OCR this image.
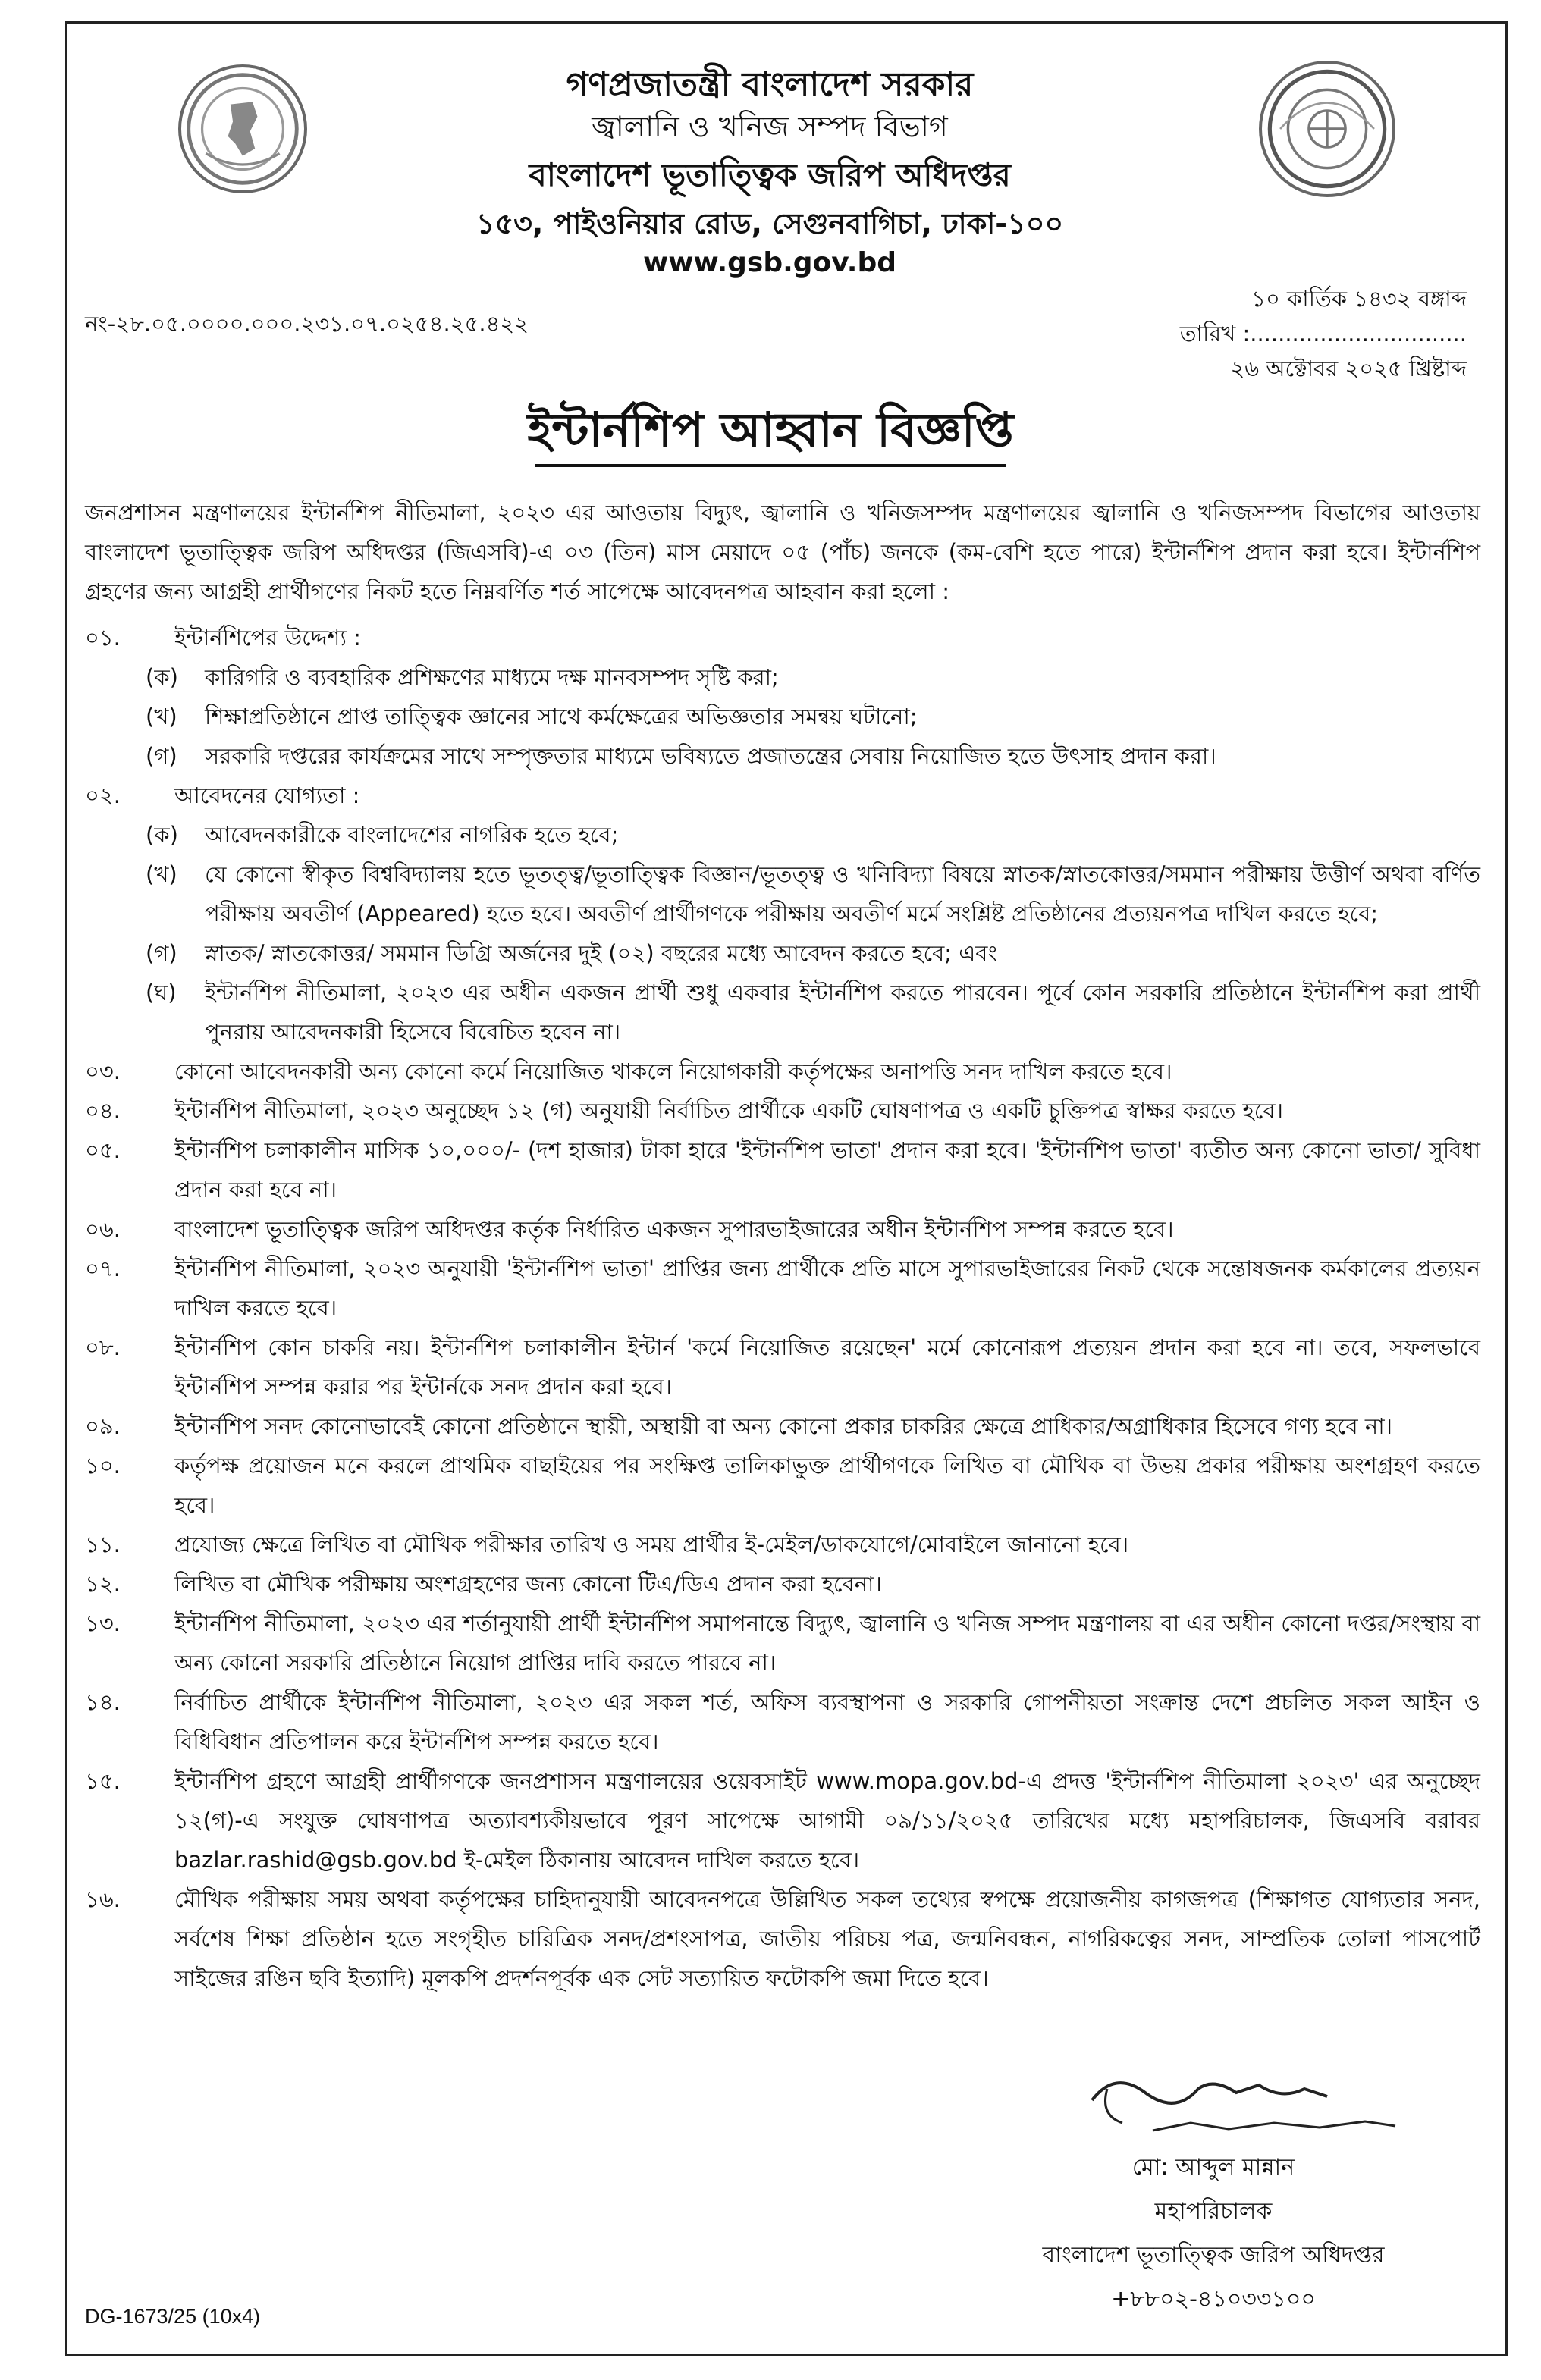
গণপ্রজাতন্ত্রী বাংলাদেশ সরকার
জ্বালানি ও খনিজ সম্পদ বিভাগ
বাংলাদেশ ভূতাত্ত্বিক জরিপ অধিদপ্তর
১৫৩, পাইওনিয়ার রোড, সেগুনবাগিচা, ঢাকা-১০০
www.gsb.gov.bd
নং-২৮.০৫.০০০০.০০০.২৩১.০৭.০২৫৪.২৫.৪২২
১০ কার্তিক ১৪৩২ বঙ্গাব্দ
তারিখ :...............................
২৬ অক্টোবর ২০২৫ খ্রিষ্টাব্দ
ইন্টার্নশিপ আহ্বান বিজ্ঞপ্তি
জনপ্রশাসন মন্ত্রণালয়ের ইন্টার্নশিপ নীতিমালা, ২০২৩ এর আওতায় বিদ্যুৎ, জ্বালানি ও খনিজসম্পদ মন্ত্রণালয়ের জ্বালানি ও খনিজসম্পদ বিভাগের আওতায় বাংলাদেশ ভূতাত্ত্বিক জরিপ অধিদপ্তর (জিএসবি)-এ ০৩ (তিন) মাস মেয়াদে ০৫ (পাঁচ) জনকে (কম-বেশি হতে পারে) ইন্টার্নশিপ প্রদান করা হবে। ইন্টার্নশিপ গ্রহণের জন্য আগ্রহী প্রার্থীগণের নিকট হতে নিম্নবর্ণিত শর্ত সাপেক্ষে আবেদনপত্র আহবান করা হলো :
০১.	ইন্টার্নশিপের উদ্দেশ্য :
(ক)	কারিগরি ও ব্যবহারিক প্রশিক্ষণের মাধ্যমে দক্ষ মানবসম্পদ সৃষ্টি করা;
(খ)	শিক্ষাপ্রতিষ্ঠানে প্রাপ্ত তাত্ত্বিক জ্ঞানের সাথে কর্মক্ষেত্রের অভিজ্ঞতার সমন্বয় ঘটানো;
(গ)	সরকারি দপ্তরের কার্যক্রমের সাথে সম্পৃক্ততার মাধ্যমে ভবিষ্যতে প্রজাতন্ত্রের সেবায় নিয়োজিত হতে উৎসাহ প্রদান করা।
০২.	আবেদনের যোগ্যতা :
(ক)	আবেদনকারীকে বাংলাদেশের নাগরিক হতে হবে;
(খ)	যে কোনো স্বীকৃত বিশ্ববিদ্যালয় হতে ভূতত্ত্ব/ভূতাত্ত্বিক বিজ্ঞান/ভূতত্ত্ব ও খনিবিদ্যা বিষয়ে স্নাতক/স্নাতকোত্তর/সমমান পরীক্ষায় উত্তীর্ণ অথবা বর্ণিত পরীক্ষায় অবতীর্ণ (Appeared) হতে হবে। অবতীর্ণ প্রার্থীগণকে পরীক্ষায় অবতীর্ণ মর্মে সংশ্লিষ্ট প্রতিষ্ঠানের প্রত্যয়নপত্র দাখিল করতে হবে;
(গ)	স্নাতক/ স্নাতকোত্তর/ সমমান ডিগ্রি অর্জনের দুই (০২) বছরের মধ্যে আবেদন করতে হবে; এবং
(ঘ)	ইন্টার্নশিপ নীতিমালা, ২০২৩ এর অধীন একজন প্রার্থী শুধু একবার ইন্টার্নশিপ করতে পারবেন। পূর্বে কোন সরকারি প্রতিষ্ঠানে ইন্টার্নশিপ করা প্রার্থী পুনরায় আবেদনকারী হিসেবে বিবেচিত হবেন না।
০৩.	কোনো আবেদনকারী অন্য কোনো কর্মে নিয়োজিত থাকলে নিয়োগকারী কর্তৃপক্ষের অনাপত্তি সনদ দাখিল করতে হবে।
০৪.	ইন্টার্নশিপ নীতিমালা, ২০২৩ অনুচ্ছেদ ১২ (গ) অনুযায়ী নির্বাচিত প্রার্থীকে একটি ঘোষণাপত্র ও একটি চুক্তিপত্র স্বাক্ষর করতে হবে।
০৫.	ইন্টার্নশিপ চলাকালীন মাসিক ১০,০০০/- (দশ হাজার) টাকা হারে 'ইন্টার্নশিপ ভাতা' প্রদান করা হবে। 'ইন্টার্নশিপ ভাতা' ব্যতীত অন্য কোনো ভাতা/ সুবিধা প্রদান করা হবে না।
০৬.	বাংলাদেশ ভূতাত্ত্বিক জরিপ অধিদপ্তর কর্তৃক নির্ধারিত একজন সুপারভাইজারের অধীন ইন্টার্নশিপ সম্পন্ন করতে হবে।
০৭.	ইন্টার্নশিপ নীতিমালা, ২০২৩ অনুযায়ী 'ইন্টার্নশিপ ভাতা' প্রাপ্তির জন্য প্রার্থীকে প্রতি মাসে সুপারভাইজারের নিকট থেকে সন্তোষজনক কর্মকালের প্রত্যয়ন দাখিল করতে হবে।
০৮.	ইন্টার্নশিপ কোন চাকরি নয়। ইন্টার্নশিপ চলাকালীন ইন্টার্ন 'কর্মে নিয়োজিত রয়েছেন' মর্মে কোনোরূপ প্রত্যয়ন প্রদান করা হবে না। তবে, সফলভাবে ইন্টার্নশিপ সম্পন্ন করার পর ইন্টার্নকে সনদ প্রদান করা হবে।
০৯.	ইন্টার্নশিপ সনদ কোনোভাবেই কোনো প্রতিষ্ঠানে স্থায়ী, অস্থায়ী বা অন্য কোনো প্রকার চাকরির ক্ষেত্রে প্রাধিকার/অগ্রাধিকার হিসেবে গণ্য হবে না।
১০.	কর্তৃপক্ষ প্রয়োজন মনে করলে প্রাথমিক বাছাইয়ের পর সংক্ষিপ্ত তালিকাভুক্ত প্রার্থীগণকে লিখিত বা মৌখিক বা উভয় প্রকার পরীক্ষায় অংশগ্রহণ করতে হবে।
১১.	প্রযোজ্য ক্ষেত্রে লিখিত বা মৌখিক পরীক্ষার তারিখ ও সময় প্রার্থীর ই-মেইল/ডাকযোগে/মোবাইলে জানানো হবে।
১২.	লিখিত বা মৌখিক পরীক্ষায় অংশগ্রহণের জন্য কোনো টিএ/ডিএ প্রদান করা হবেনা।
১৩.	ইন্টার্নশিপ নীতিমালা, ২০২৩ এর শর্তানুযায়ী প্রার্থী ইন্টার্নশিপ সমাপনান্তে বিদ্যুৎ, জ্বালানি ও খনিজ সম্পদ মন্ত্রণালয় বা এর অধীন কোনো দপ্তর/সংস্থায় বা অন্য কোনো সরকারি প্রতিষ্ঠানে নিয়োগ প্রাপ্তির দাবি করতে পারবে না।
১৪.	নির্বাচিত প্রার্থীকে ইন্টার্নশিপ নীতিমালা, ২০২৩ এর সকল শর্ত, অফিস ব্যবস্থাপনা ও সরকারি গোপনীয়তা সংক্রান্ত দেশে প্রচলিত সকল আইন ও বিধিবিধান প্রতিপালন করে ইন্টার্নশিপ সম্পন্ন করতে হবে।
১৫.	ইন্টার্নশিপ গ্রহণে আগ্রহী প্রার্থীগণকে জনপ্রশাসন মন্ত্রণালয়ের ওয়েবসাইট www.mopa.gov.bd-এ প্রদত্ত 'ইন্টার্নশিপ নীতিমালা ২০২৩' এর অনুচ্ছেদ ১২(গ)-এ সংযুক্ত ঘোষণাপত্র অত্যাবশ্যকীয়ভাবে পূরণ সাপেক্ষে আগামী ০৯/১১/২০২৫ তারিখের মধ্যে মহাপরিচালক, জিএসবি বরাবর bazlar.rashid@gsb.gov.bd ই-মেইল ঠিকানায় আবেদন দাখিল করতে হবে।
১৬.	মৌখিক পরীক্ষায় সময় অথবা কর্তৃপক্ষের চাহিদানুযায়ী আবেদনপত্রে উল্লিখিত সকল তথ্যের স্বপক্ষে প্রয়োজনীয় কাগজপত্র (শিক্ষাগত যোগ্যতার সনদ, সর্বশেষ শিক্ষা প্রতিষ্ঠান হতে সংগৃহীত চারিত্রিক সনদ/প্রশংসাপত্র, জাতীয় পরিচয় পত্র, জন্মনিবন্ধন, নাগরিকত্বের সনদ, সাম্প্রতিক তোলা পাসপোর্ট সাইজের রঙিন ছবি ইত্যাদি) মূলকপি প্রদর্শনপূর্বক এক সেট সত্যায়িত ফটোকপি জমা দিতে হবে।
মো: আব্দুল মান্নান
মহাপরিচালক
বাংলাদেশ ভূতাত্ত্বিক জরিপ অধিদপ্তর
+৮৮০২-৪১০৩৩১০০
DG-1673/25 (10x4)
